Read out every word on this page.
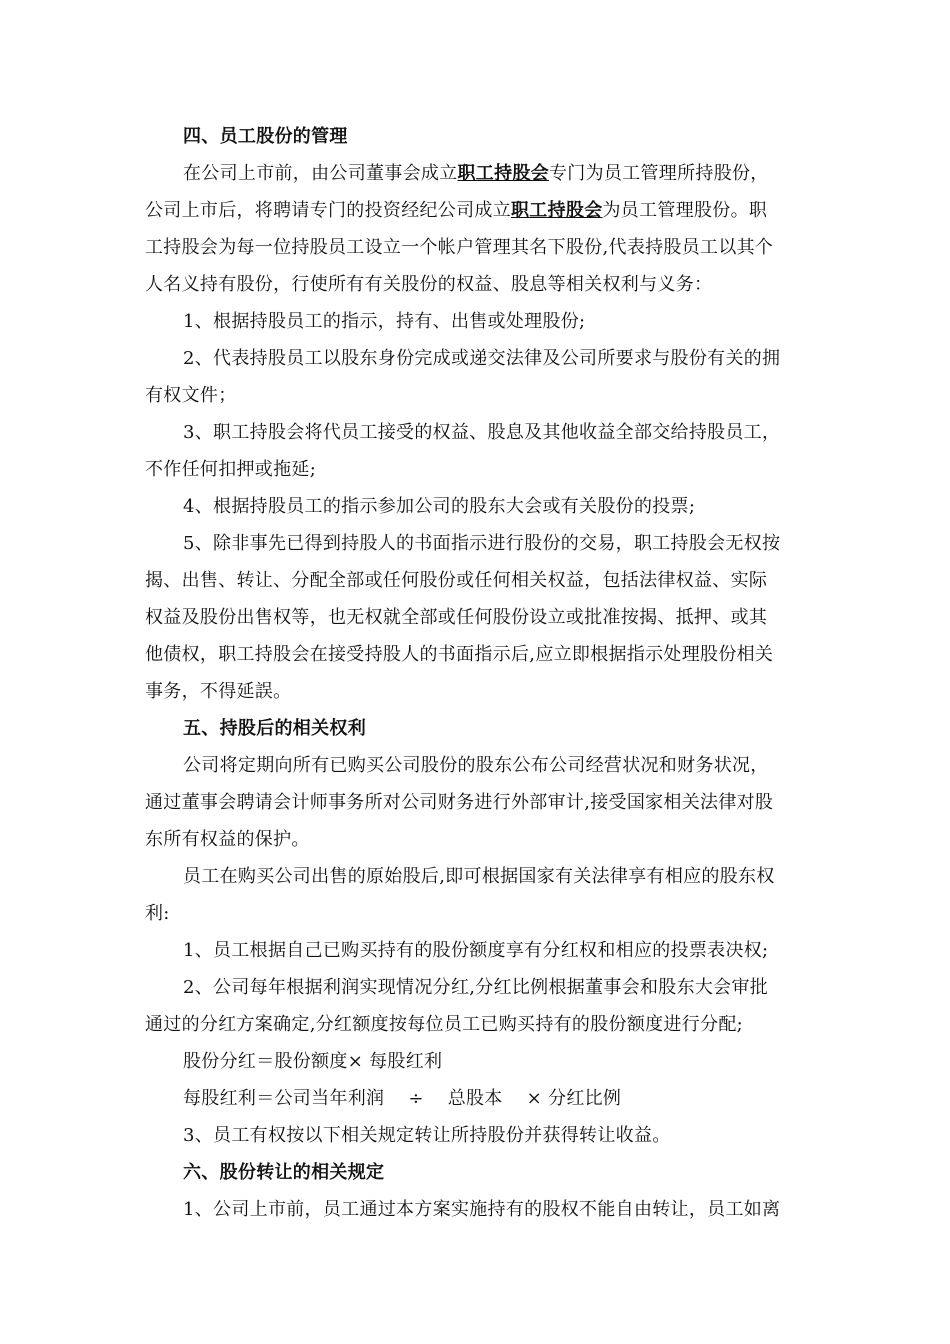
四、员工股份的管理
在公司上市前，由公司董事会成立职工持股会专门为员工管理所持股份，
公司上市后，将聘请专门的投资经纪公司成立职工持股会为员工管理股份。职
工持股会为每一位持股员工设立一个帐户管理其名下股份,代表持股员工以其个
人名义持有股份，行使所有有关股份的权益、股息等相关权利与义务：
1、根据持股员工的指示，持有、出售或处理股份;
2、代表持股员工以股东身份完成或递交法律及公司所要求与股份有关的拥
有权文件；
3、职工持股会将代员工接受的权益、股息及其他收益全部交给持股员工，
不作任何扣押或拖延;
4、根据持股员工的指示参加公司的股东大会或有关股份的投票;
5、除非事先已得到持股人的书面指示进行股份的交易，职工持股会无权按
揭、出售、转让、分配全部或任何股份或任何相关权益，包括法律权益、实际
权益及股份出售权等，也无权就全部或任何股份设立或批准按揭、抵押、或其
他债权，职工持股会在接受持股人的书面指示后,应立即根据指示处理股份相关
事务，不得延誤。
五、持股后的相关权利
公司将定期向所有已购买公司股份的股东公布公司经营状况和财务状况，
通过董事会聘请会计师事务所对公司财务进行外部审计,接受国家相关法律对股
东所有权益的保护。
员工在购买公司出售的原始股后,即可根据国家有关法律享有相应的股东权
利:
1、员工根据自己已购买持有的股份额度享有分红权和相应的投票表决权;
2、公司每年根据利润实现情况分红,分红比例根据董事会和股东大会审批
通过的分红方案确定,分红额度按每位员工已购买持有的股份额度进行分配;
股份分红＝股份额度× 每股红利
每股红利＝公司当年利润 ÷ 总股本 × 分红比例
3、员工有权按以下相关规定转让所持股份并获得转让收益。
六、股份转让的相关规定
1、公司上市前，员工通过本方案实施持有的股权不能自由转让，员工如离
